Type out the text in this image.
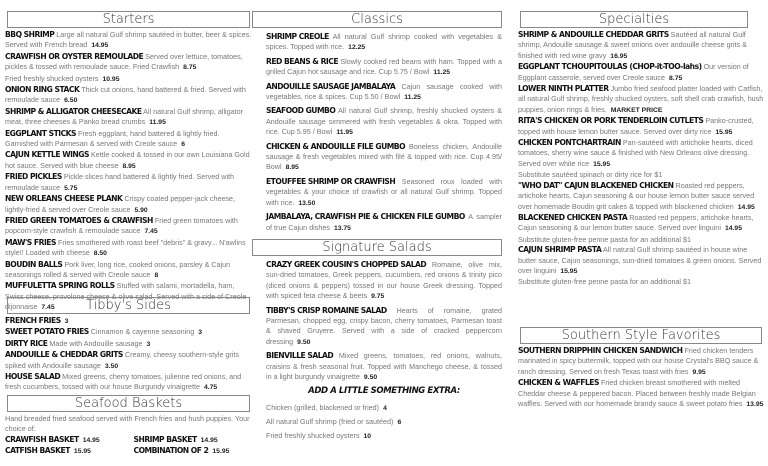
Starters
BBQ SHRIMP Large all natural Gulf shrimp sautéed in butter, beer & spices. Served with French bread 14.95
CRAWFISH OR OYSTER REMOULADE Served over lettuce, tomatoes, pickles & tossed with remoulade sauce. Fried Crawfish 8.75
Fried freshly shucked oysters 10.95
ONION RING STACK Thick cut onions, hand battered & fried. Served with remoulade sauce 6.50
SHRIMP & ALLIGATOR CHEESECAKE All natural Gulf shrimp, alligator meat, three cheeses & Panko bread crumbs 11.95
EGGPLANT STICKS Fresh eggplant, hand battered & lightly fried. Garnished with Parmesan & served with Creole sauce 6
CAJUN KETTLE WINGS Kettle cooked & tossed in our own Louisiana Gold hot sauce. Served with blue cheese 8.95
FRIED PICKLES Pickle slices hand battered & lightly fried. Served with remoulade sauce 5.75
NEW ORLEANS CHEESE PLANK Crispy coated pepper-jack cheese, lightly-fried & served over Creole sauce 5.90
FRIED GREEN TOMATOES & CRAWFISH Fried green tomatoes with popcorn-style crawfish & remoulade sauce 7.45
MAW'S FRIES Fries smothered with roast beef "debris" & gravy... N'awlins style!! Loaded with cheese 8.50
BOUDIN BALLS Pork liver, long rice, cooked onions, parsley & Cajun seasonings rolled & served with Creole sauce 8
MUFFULETTA SPRING ROLLS Stuffed with salami, mortadella, ham, Swiss cheese, provolone cheese & olive salad. Served with a side of Creole dijonnaise 7.45	Tibby's Sides
FRENCH FRIES 3
SWEET POTATO FRIES Cinnamon & cayenne seasoning 3
DIRTY RICE Made with Andouille sausage 3
ANDOUILLE & CHEDDAR GRITS Creamy, cheesy southern-style grits spiked with Andouille sausage 3.50
HOUSE SALAD Mixed greens, cherry tomatoes, julienne red onions, and fresh cucumbers, tossed with our house Burgundy vinaigrette 4.75
Seafood Baskets
Hand breaded fried seafood served with French fries and hush puppies. Your choice of:
CRAWFISH BASKET 14.95	SHRIMP BASKET 14.95
CATFISH BASKET 15.95	COMBINATION OF 2 15.95
Classics
SHRIMP CREOLE All natural Gulf shrimp cooked with vegetables & spices. Topped with rice. 12.25
RED BEANS & RICE Slowly cooked red beans with ham. Topped with a grilled Cajun hot sausage and rice. Cup 5.75 / Bowl 11.25
ANDOUILLE SAUSAGE JAMBALAYA Cajun sausage cooked with vegetables, rice & spices. Cup 5.50 / Bowl 11.25
SEAFOOD GUMBO All natural Gulf shrimp, freshly shucked oysters & Andouille sausage simmered with fresh vegetables & okra. Topped with rice. Cup 5.95 / Bowl 11.95
CHICKEN & ANDOUILLE FILE GUMBO Boneless chicken, Andouille sausage & fresh vegetables mixed with filé & topped with rice. Cup 4.95/ Bowl 8.95
ETOUFFEE SHRIMP OR CRAWFISH Seasoned roux loaded with vegetables & your choice of crawfish or all natural Gulf shrimp. Topped with rice. 13.50
JAMBALAYA, CRAWFISH PIE & CHICKEN FILE GUMBO A sampler of true Cajun dishes 13.75
Signature Salads
CRAZY GREEK COUSIN'S CHOPPED SALAD Romaine, olive mix, sun-dried tomatoes, Greek peppers, cucumbers, red onions & trinity pico (diced onions & peppers) tossed in our house Greek dressing. Topped with spiced feta cheese & beets 9.75
TIBBY'S CRISP ROMAINE SALAD Hearts of romaine, grated Parmesan, chopped egg, crispy bacon, cherry tomatoes, Parmesan toast & shaved Gruyere. Served with a side of cracked peppercorn dressing 9.50
BIENVILLE SALAD Mixed greens, tomatoes, red onions, walnuts, craisins & fresh seasonal fruit. Topped with Manchego cheese, & tossed in a light burgundy vinaigrette 9.50
ADD A LITTLE SOMETHING EXTRA:
Chicken (grilled, blackened or fried) 4
All natural Gulf shrimp (fried or sautéed) 6
Fried freshly shucked oysters 10
Specialties
SHRIMP & ANDOUILLE CHEDDAR GRITS Sautéed all natural Gulf shrimp, Andouille sausage & sweet onions over andouille cheese grits & finished with red wine gravy 16.95
EGGPLANT TCHOUPITOULAS (CHOP-it-TOO-lahs) Our version of Eggplant casserole, served over Creole sauce 8.75
LOWER NINTH PLATTER Jumbo fried seafood platter loaded with Catfish, all natural Gulf shrimp, freshly shucked oysters, soft shell crab crawfish, hush puppies, onion rings & fries. MARKET PRICE
RITA'S CHICKEN OR PORK TENDERLOIN CUTLETS Panko-crusted, topped with house lemon butter sauce. Served over dirty rice 15.95
CHICKEN PONTCHARTRAIN Pan-sautéed with artichoke hearts, diced tomatoes, sherry wine sauce & finished with New Orleans olive dressing. Served over white rice 15.95
Substitute sautéed spinach or dirty rice for $1
"WHO DAT" CAJUN BLACKENED CHICKEN Roasted red peppers, artichoke hearts, Cajun seasoning & our house lemon butter sauce served over homemade Boudin grit cakes & topped with blackened chicken 14.95
BLACKENED CHICKEN PASTA Roasted red peppers, artichoke hearts, Cajun seasoning & our lemon butter sauce. Served over linguini 14.95
Substitute gluten-free penne pasta for an additional $1
CAJUN SHRIMP PASTA All natural Gulf shrimp sautéed in house wine butter sauce, Cajun seasonings, sun-dried tomatoes & green onions. Served over linguini 15.95
Substitute gluten-free penne pasta for an additional $1
Southern Style Favorites
SOUTHERN DRIPPHIN CHICKEN SANDWICH Fried chicken tenders marinated in spicy buttermilk, topped with our house Crystal's BBQ sauce & ranch dressing. Served on fresh Texas toast with fries 9.95
CHICKEN & WAFFLES Fried chicken breast smothered with melted Cheddar cheese & peppered bacon. Placed between freshly made Belgian waffles. Served with our homemade brandy sauce & sweet potato fries 13.95
